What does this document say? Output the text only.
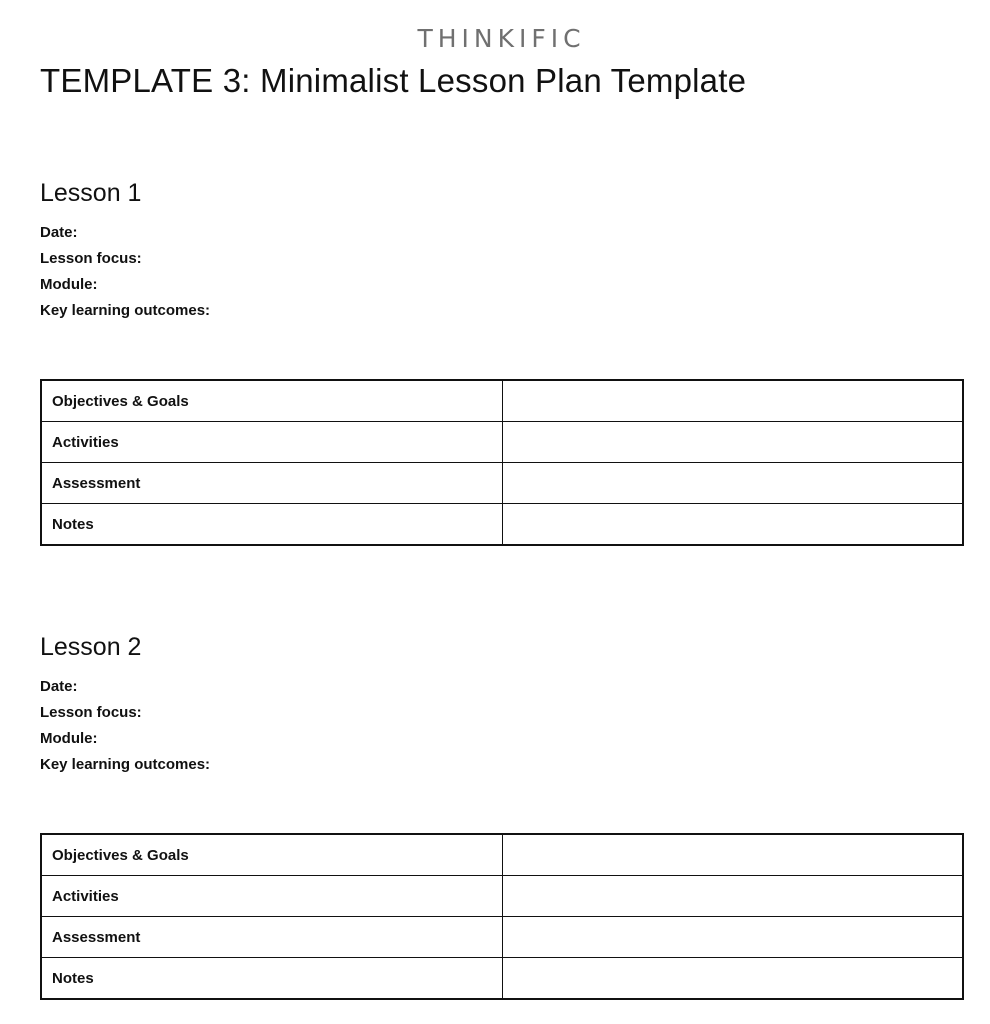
THINKIFIC
TEMPLATE 3: Minimalist Lesson Plan Template
Lesson 1
Date:
Lesson focus:
Module:
Key learning outcomes:
Objectives & Goals	
Activities	
Assessment	
Notes	
Lesson 2
Date:
Lesson focus:
Module:
Key learning outcomes:
Objectives & Goals	
Activities	
Assessment	
Notes	
